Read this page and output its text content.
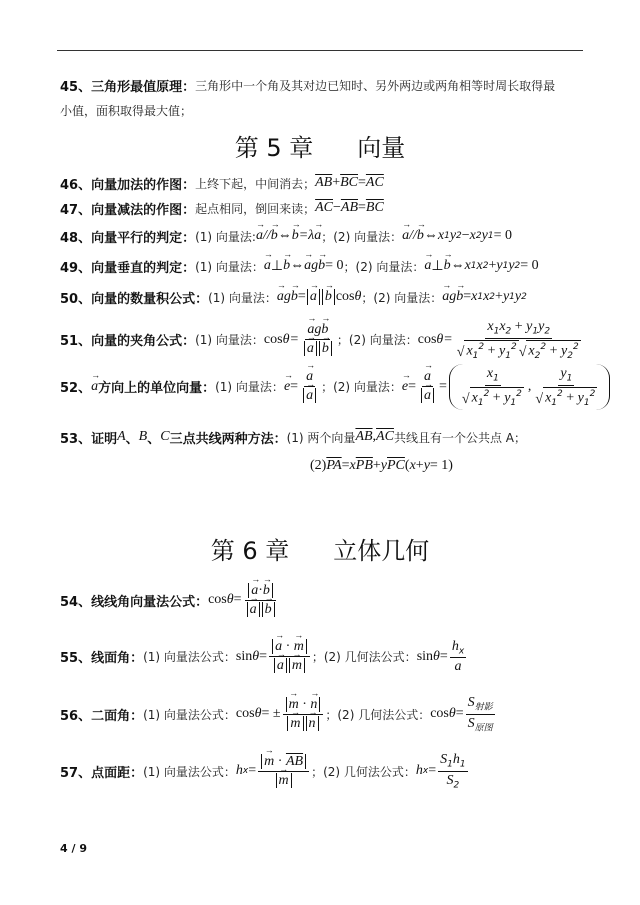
45、三角形最值原理： 三角形中一个角及其对边已知时、另外两边或两角相等时周长取得最
小值，面积取得最大值；
第 5 章 向量
第 6 章 立体几何
46、向量加法的作图： 上终下起，中间消去； $\overline{AB} + \overline{BC} = \overline{AC}$
47、向量减法的作图： 起点相同，倒回来读； $\overline{AC} - \overline{AB} = \overline{BC}$
48、向量平行的判定： (1) 向量法: → a // → b ⇔ → b =λ → a ；(2) 向量法： → a // → b ⇔ x 1 y 2 − x 2 y 1 = 0
49、向量垂直的判定： (1) 向量法： → a ⊥ → b ⇔ → a g → b = 0 ；(2) 向量法： → a ⊥ → b ⇔ x 1 x 2 + y 1 y 2 = 0
50、向量的数量积公式： (1) 向量法： → a g → b = → a → b cos θ ；(2) 向量法： → a g → b = x 1 x 2 + y 1 y 2
51、向量的夹角公式： (1) 向量法： cos θ= → ag→ b
→ a → b ；(2) 向量法： $\cos \theta= \frac{x_1x_2 + y_1y_2}{√ x_1^2 + y_1^2 √ x_2^2 + y_2^2}$
52、 → a 方向上的单位向量： (1) 向量法： → e = → a
→ a ；(2) 向量法： → e = → a
→ $a = \frac{x_1}{√ x_1^2 + y_1^2}$ , $\frac{y_1}{√ x_1^2 + y_1^2}$
53、证明 A 、 B 、 C 三点共线两种方法： (1) 两个向量 $\overline{AB}$ , $\overline{AC}$ 共线且有一个公共点 A；
(2) $\overline{PA} = x$ $\overline{PB} + y$ $\overline{PC}$ ( x + y = 1)
54、线线角向量法公式： cos θ = → a·→ b
→ a → b
55、线面角： (1) 向量法公式： sin θ = → a · → m
→ a → m ；(2) 几何法公式： $\sin \theta = \frac{h_x}{a}$
56、二面角： (1) 向量法公式： cos θ = ± → m · → n
→ m → n ；(2) 几何法公式： $\cos \theta = \frac{S_{射影}}{S_{原图}}$
57、点面距： (1) 向量法公式： h x = → $m \cdot \overline{AB}$
→ m ；(2) 几何法公式： h $x = \frac{S_1h_1}{S_2}$
4 / 9
